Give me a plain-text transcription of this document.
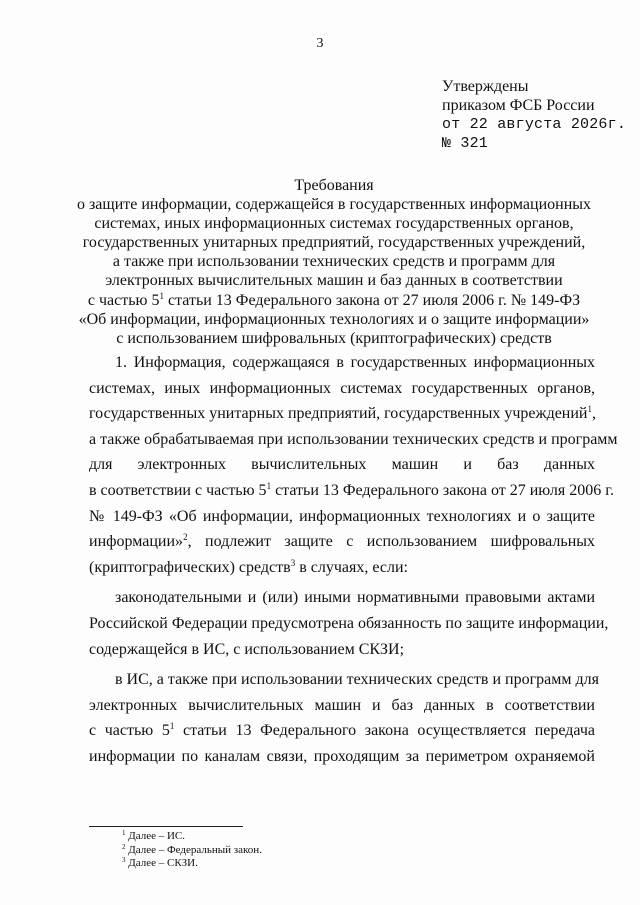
3
Утверждены
приказом ФСБ России
от 22 августа 2026г.
№ 321
Требования
о защите информации, содержащейся в государственных информационных
системах, иных информационных системах государственных органов,
государственных унитарных предприятий, государственных учреждений,
а также при использовании технических средств и программ для
электронных вычислительных машин и баз данных в соответствии
с частью $5^1$ статьи 13 Федерального закона от 27 июля 2006 г. № 149-ФЗ
«Об информации, информационных технологиях и о защите информации»
с использованием шифровальных (криптографических) средств
1. Информация, содержащаяся в государственных информационных
системах, иных информационных системах государственных органов,
государственных унитарных предприятий, государственных учреждений$^1$,
а также обрабатываемая при использовании технических средств и программ
для электронных вычислительных машин и баз данных
в соответствии с частью $5^1$ статьи 13 Федерального закона от 27 июля 2006 г.
№ 149-ФЗ «Об информации, информационных технологиях и о защите
информации»$^2$, подлежит защите с использованием шифровальных
(криптографических) средств$^3$ в случаях, если:
законодательными и (или) иными нормативными правовыми актами
Российской Федерации предусмотрена обязанность по защите информации,
содержащейся в ИС, с использованием СКЗИ;
в ИС, а также при использовании технических средств и программ для
электронных вычислительных машин и баз данных в соответствии
с частью $5^1$ статьи 13 Федерального закона осуществляется передача
информации по каналам связи, проходящим за периметром охраняемой
$^1$ Далее – ИС.
$^2$ Далее – Федеральный закон.
$^3$ Далее – СКЗИ.
